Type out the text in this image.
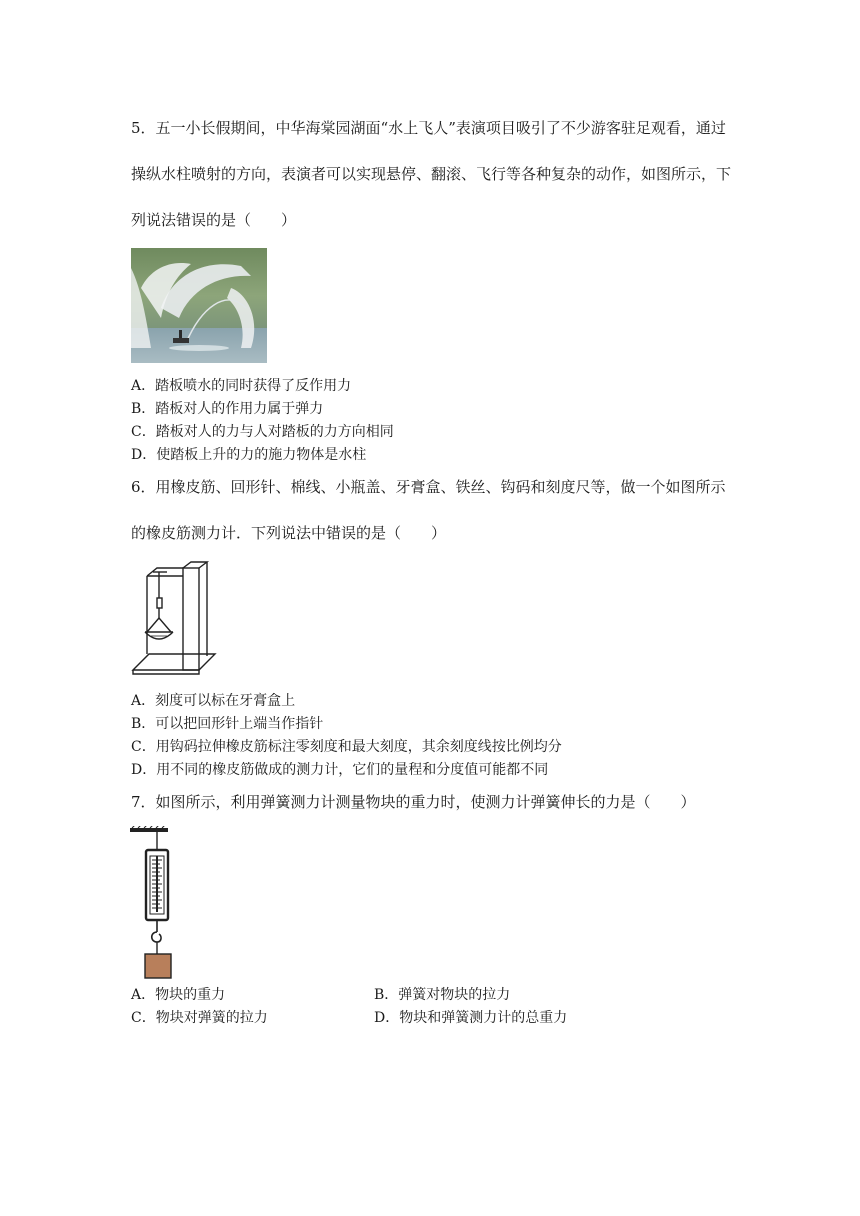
5．五一小长假期间，中华海棠园湖面“水上飞人”表演项目吸引了不少游客驻足观看，通过
操纵水柱喷射的方向，表演者可以实现悬停、翻滚、飞行等各种复杂的动作，如图所示，下
列说法错误的是（　　）
A．踏板喷水的同时获得了反作用力
B．踏板对人的作用力属于弹力
C．踏板对人的力与人对踏板的力方向相同
D．使踏板上升的力的施力物体是水柱
6．用橡皮筋、回形针、棉线、小瓶盖、牙膏盒、铁丝、钩码和刻度尺等，做一个如图所示
的橡皮筋测力计．下列说法中错误的是（　　）
A．刻度可以标在牙膏盒上
B．可以把回形针上端当作指针
C．用钩码拉伸橡皮筋标注零刻度和最大刻度，其余刻度线按比例均分
D．用不同的橡皮筋做成的测力计，它们的量程和分度值可能都不同
7．如图所示，利用弹簧测力计测量物块的重力时，使测力计弹簧伸长的力是（　　）
A．物块的重力	B．弹簧对物块的拉力
C．物块对弹簧的拉力	D．物块和弹簧测力计的总重力
